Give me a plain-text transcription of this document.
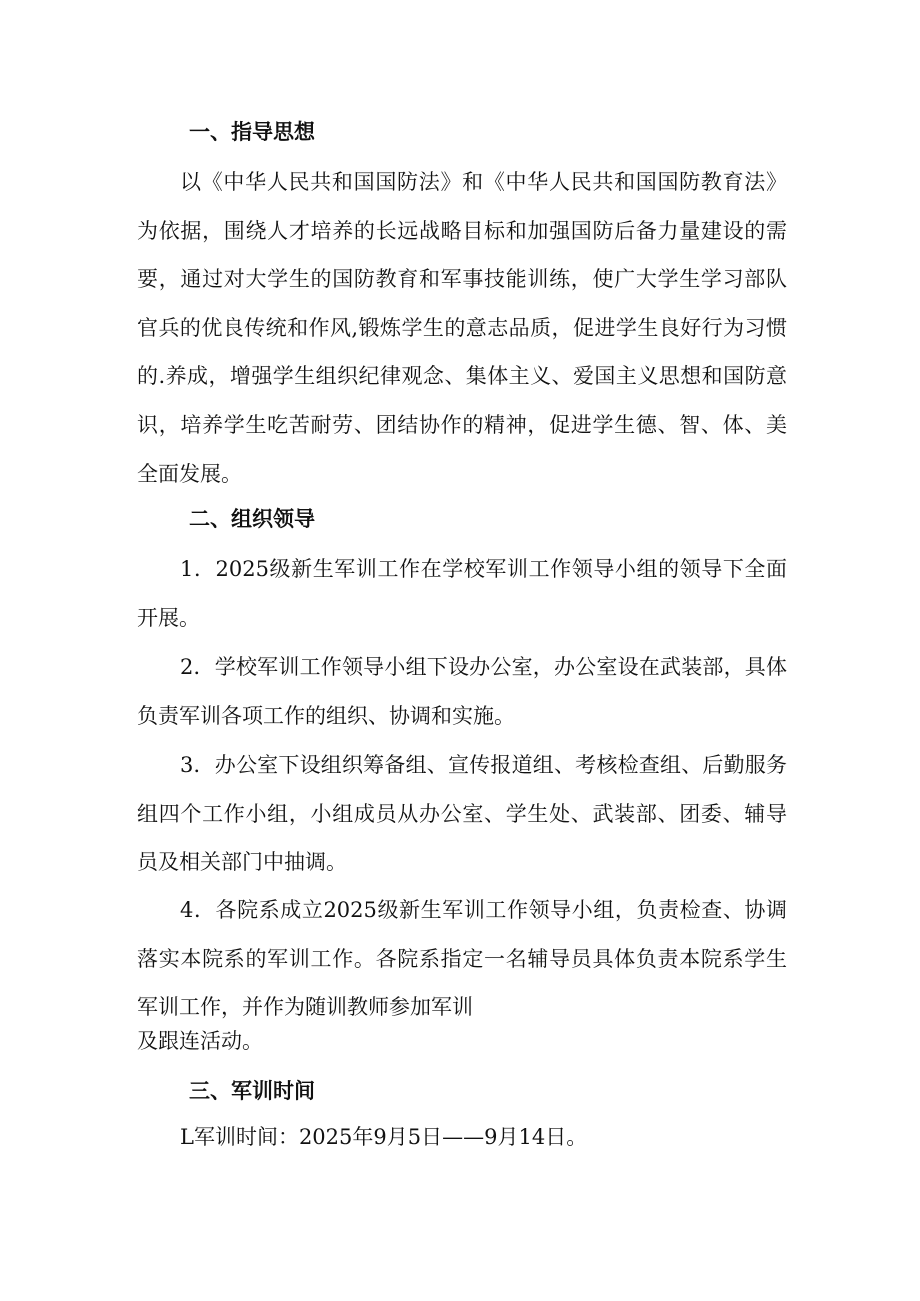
一、指导思想

以《中华人民共和国国防法》和《中华人民共和国国防教育法》为依据，围绕人才培养的长远战略目标和加强国防后备力量建设的需要，通过对大学生的国防教育和军事技能训练，使广大学生学习部队官兵的优良传统和作风,锻炼学生的意志品质，促进学生良好行为习惯的.养成，增强学生组织纪律观念、集体主义、爱国主义思想和国防意识，培养学生吃苦耐劳、团结协作的精神，促进学生德、智、体、美全面发展。

二、组织领导

1．2025级新生军训工作在学校军训工作领导小组的领导下全面开展。

2．学校军训工作领导小组下设办公室，办公室设在武装部，具体负责军训各项工作的组织、协调和实施。

3．办公室下设组织筹备组、宣传报道组、考核检查组、后勤服务组四个工作小组，小组成员从办公室、学生处、武装部、团委、辅导员及相关部门中抽调。

4．各院系成立2025级新生军训工作领导小组，负责检查、协调落实本院系的军训工作。各院系指定一名辅导员具体负责本院系学生军训工作，并作为随训教师参加军训

及跟连活动。
三、军训时间
L军训时间：2025年9月5日——9月14日。
